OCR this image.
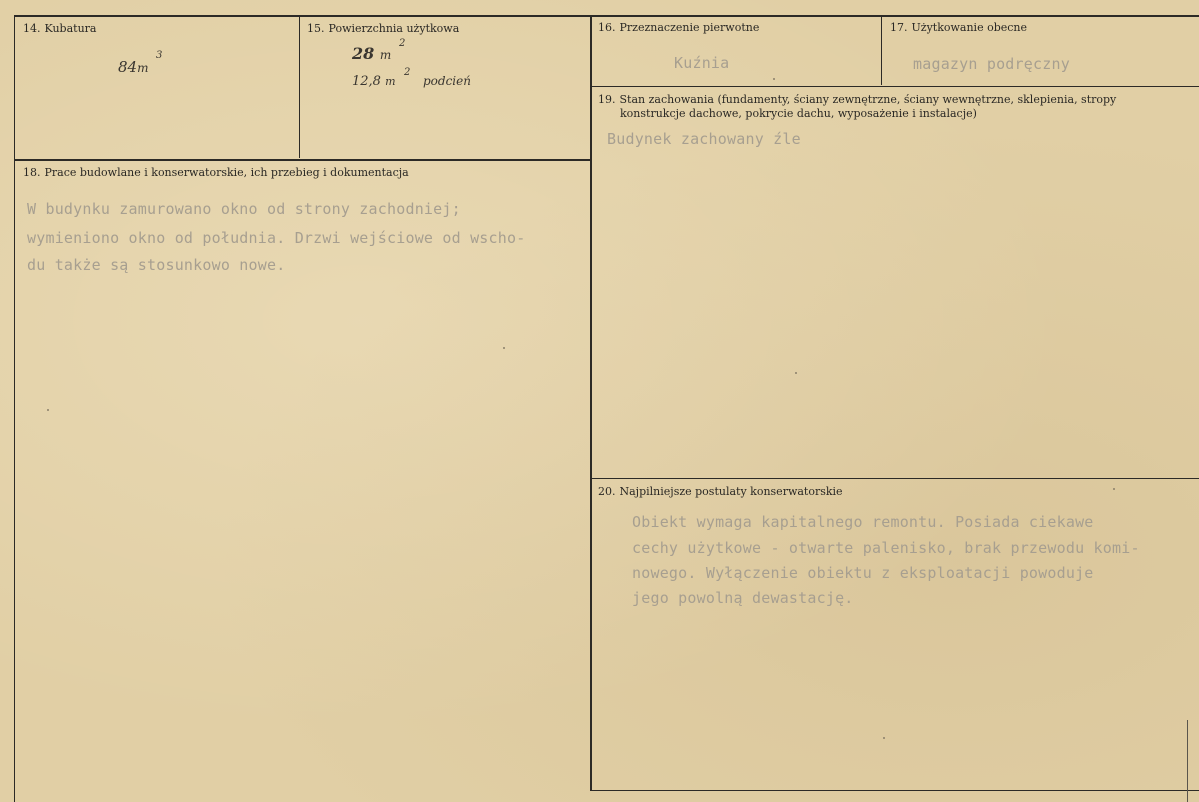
14. Kubatura
84m
3
15. Powierzchnia użytkowa
28 m
2
12,8 m
2
podcień
16. Przeznaczenie pierwotne
Kuźnia
17. Użytkowanie obecne
magazyn podręczny
18. Prace budowlane i konserwatorskie, ich przebieg i dokumentacja
W budynku zamurowano okno od strony zachodniej;
wymieniono okno od południa. Drzwi wejściowe od wscho-
du także są stosunkowo nowe.
19. Stan zachowania (fundamenty, ściany zewnętrzne, ściany wewnętrzne, sklepienia, stropy
konstrukcje dachowe, pokrycie dachu, wyposażenie i instalacje)
Budynek zachowany źle
20. Najpilniejsze postulaty konserwatorskie
Obiekt wymaga kapitalnego remontu. Posiada ciekawe
cechy użytkowe - otwarte palenisko, brak przewodu komi-
nowego. Wyłączenie obiektu z eksploatacji powoduje
jego powolną dewastację.
